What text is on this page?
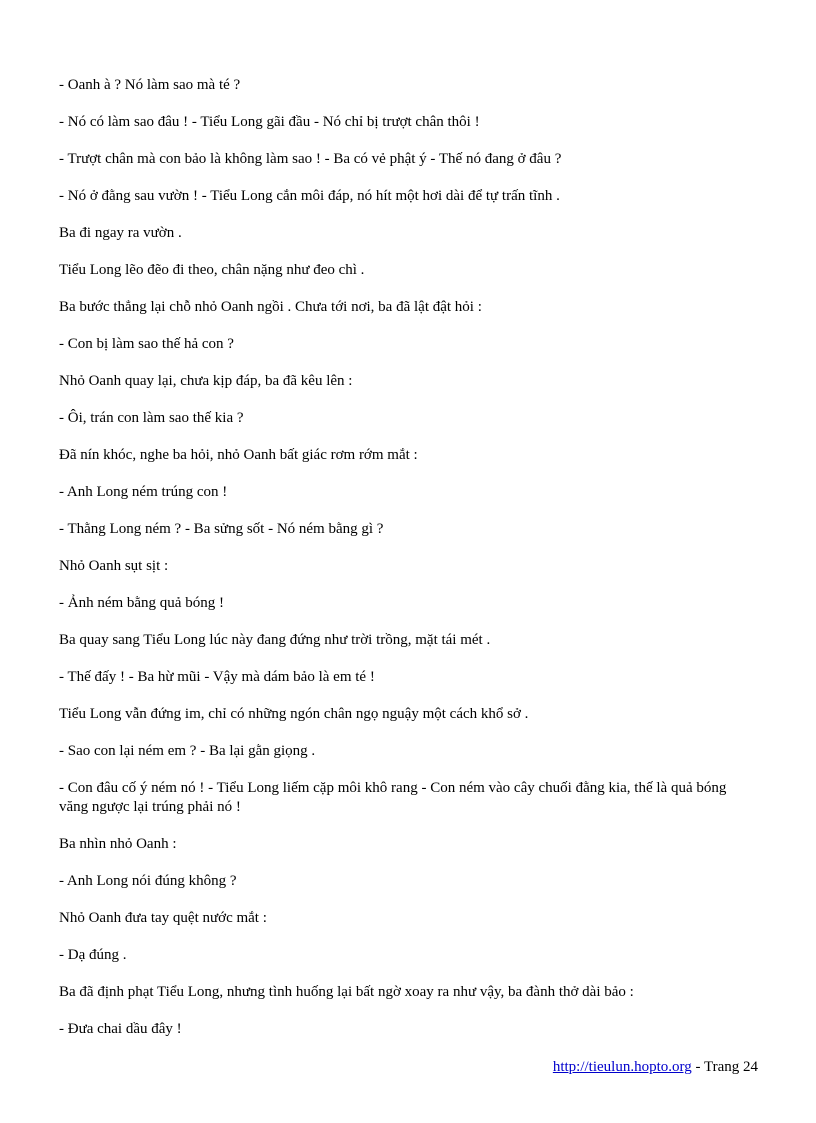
- Oanh à ? Nó làm sao mà té ?

- Nó có làm sao đâu ! - Tiểu Long gãi đầu - Nó chỉ bị trượt chân thôi !

- Trượt chân mà con bảo là không làm sao ! - Ba có vẻ phật ý - Thế nó đang ở đâu ?

- Nó ở đằng sau vườn ! - Tiểu Long cắn môi đáp, nó hít một hơi dài để tự trấn tĩnh .

Ba đi ngay ra vườn .

Tiểu Long lẽo đẽo đi theo, chân nặng như đeo chì .

Ba bước thẳng lại chỗ nhỏ Oanh ngồi . Chưa tới nơi, ba đã lật đật hỏi :

- Con bị làm sao thế hả con ?

Nhỏ Oanh quay lại, chưa kịp đáp, ba đã kêu lên :

- Ôi, trán con làm sao thế kia ?

Đã nín khóc, nghe ba hỏi, nhỏ Oanh bất giác rơm rớm mắt :

- Anh Long ném trúng con !

- Thằng Long ném ? - Ba sửng sốt - Nó ném bằng gì ?

Nhỏ Oanh sụt sịt :

- Ảnh ném bằng quả bóng !

Ba quay sang Tiểu Long lúc này đang đứng như trời trồng, mặt tái mét .

- Thế đấy ! - Ba hừ mũi - Vậy mà dám bảo là em té !

Tiểu Long vẫn đứng im, chỉ có những ngón chân ngọ nguậy một cách khổ sở .

- Sao con lại ném em ? - Ba lại gằn giọng .

- Con đâu cố ý ném nó ! - Tiểu Long liếm cặp môi khô rang - Con ném vào cây chuối đằng kia, thế là quả bóng văng ngược lại trúng phải nó !

Ba nhìn nhỏ Oanh :

- Anh Long nói đúng không ?

Nhỏ Oanh đưa tay quệt nước mắt :

- Dạ đúng .

Ba đã định phạt Tiểu Long, nhưng tình huống lại bất ngờ xoay ra như vậy, ba đành thở dài bảo :

- Đưa chai dầu đây !

http://tieulun.hopto.org - Trang 24
